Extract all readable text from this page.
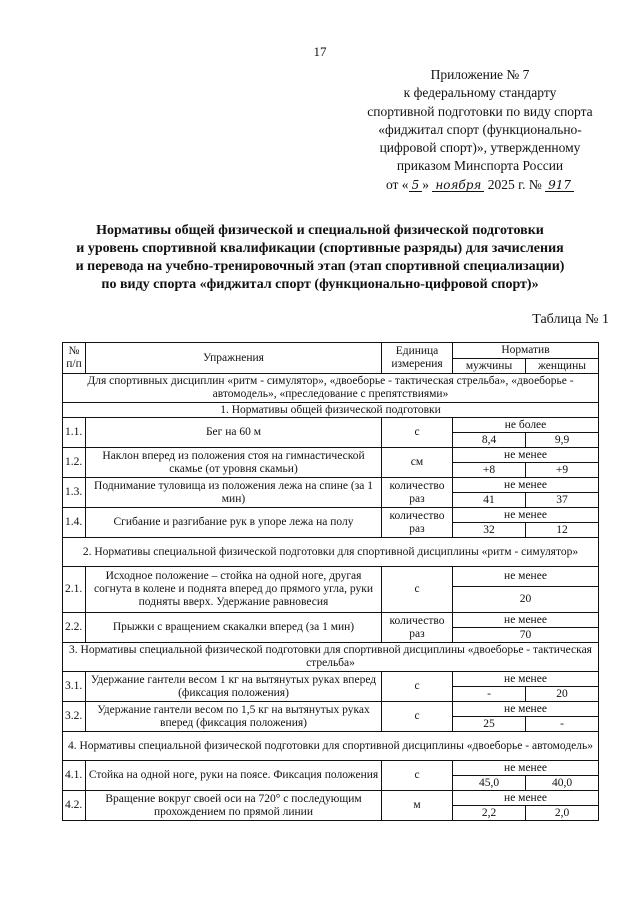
17
Приложение № 7
к федеральному стандарту
спортивной подготовки по виду спорта
«фиджитал спорт (функционально-
цифровой спорт)», утвержденному
приказом Минспорта России
от « 5 » ноября 2025 г. № 917
Нормативы общей физической и специальной физической подготовки
и уровень спортивной квалификации (спортивные разряды) для зачисления
и перевода на учебно-тренировочный этап (этап спортивной специализации)
по виду спорта «фиджитал спорт (функционально-цифровой спорт)»
Таблица № 1
№ п/п	Упражнения	Единица измерения	Норматив	
			мужчины	женщины
Для спортивных дисциплин «ритм - симулятор», «двоеборье - тактическая стрельба», «двоеборье - автомодель», «преследование с препятствиями»				
1. Нормативы общей физической подготовки				
1.1.	Бег на 60 м	с	не более	
			8,4	9,9
1.2.	Наклон вперед из положения стоя на гимнастической скамье (от уровня скамьи)	см	не менее	
			+8	+9
1.3.	Поднимание туловища из положения лежа на спине (за 1 мин)	количество раз	не менее	
			41	37
1.4.	Сгибание и разгибание рук в упоре лежа на полу	количество раз	не менее	
			32	12
2. Нормативы специальной физической подготовки для спортивной дисциплины «ритм - симулятор»				
2.1.	Исходное положение – стойка на одной ноге, другая согнута в колене и поднята вперед до прямого угла, руки подняты вверх. Удержание равновесия	с	не менее	
			20	
2.2.	Прыжки с вращением скакалки вперед (за 1 мин)	количество раз	не менее	
			70	
3. Нормативы специальной физической подготовки для спортивной дисциплины «двоеборье - тактическая стрельба»				
3.1.	Удержание гантели весом 1 кг на вытянутых руках вперед (фиксация положения)	с	не менее	
			-	20
3.2.	Удержание гантели весом по 1,5 кг на вытянутых руках вперед (фиксация положения)	с	не менее	
			25	-
4. Нормативы специальной физической подготовки для спортивной дисциплины «двоеборье - автомодель»				
4.1.	Стойка на одной ноге, руки на поясе. Фиксация положения	с	не менее	
			45,0	40,0
4.2.	Вращение вокруг своей оси на 720° с последующим прохождением по прямой линии	м	не менее	
			2,2	2,0
